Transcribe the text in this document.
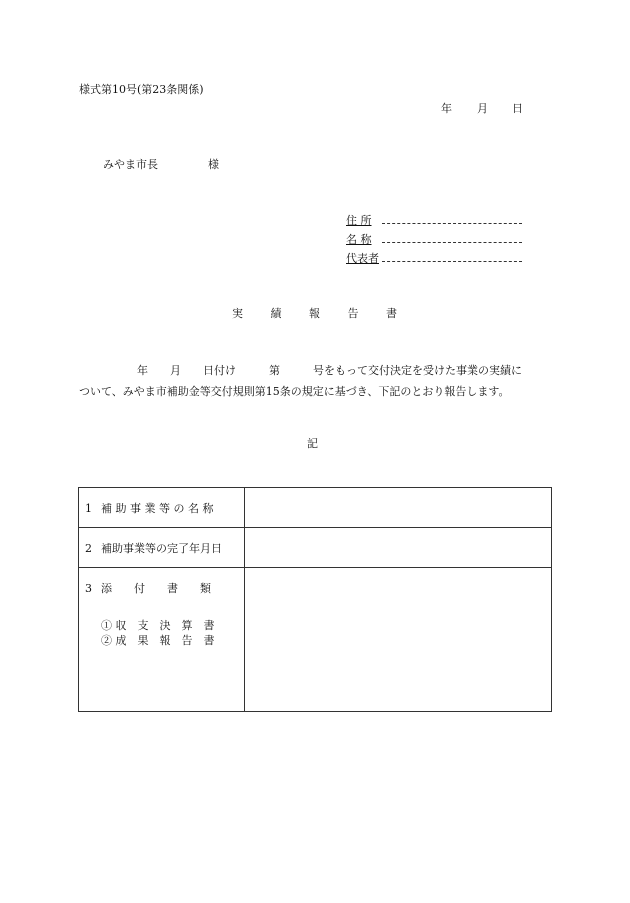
様式第10号(第23条関係)
年 月 日
みやま市長	様
住 所
名 称
代表者
実 績 報 告 書
年　　月　　日付け　　　第　　　号をもって交付決定を受けた事業の実績に
ついて、みやま市補助金等交付規則第15条の規定に基づき、下記のとおり報告します。
記
1 補 助 事 業 等 の 名 称	

2 補助事業等の完了年月日	

3 添　　付　　書　　類
① 収　支　決　算　書
② 成　果　報　告　書	
